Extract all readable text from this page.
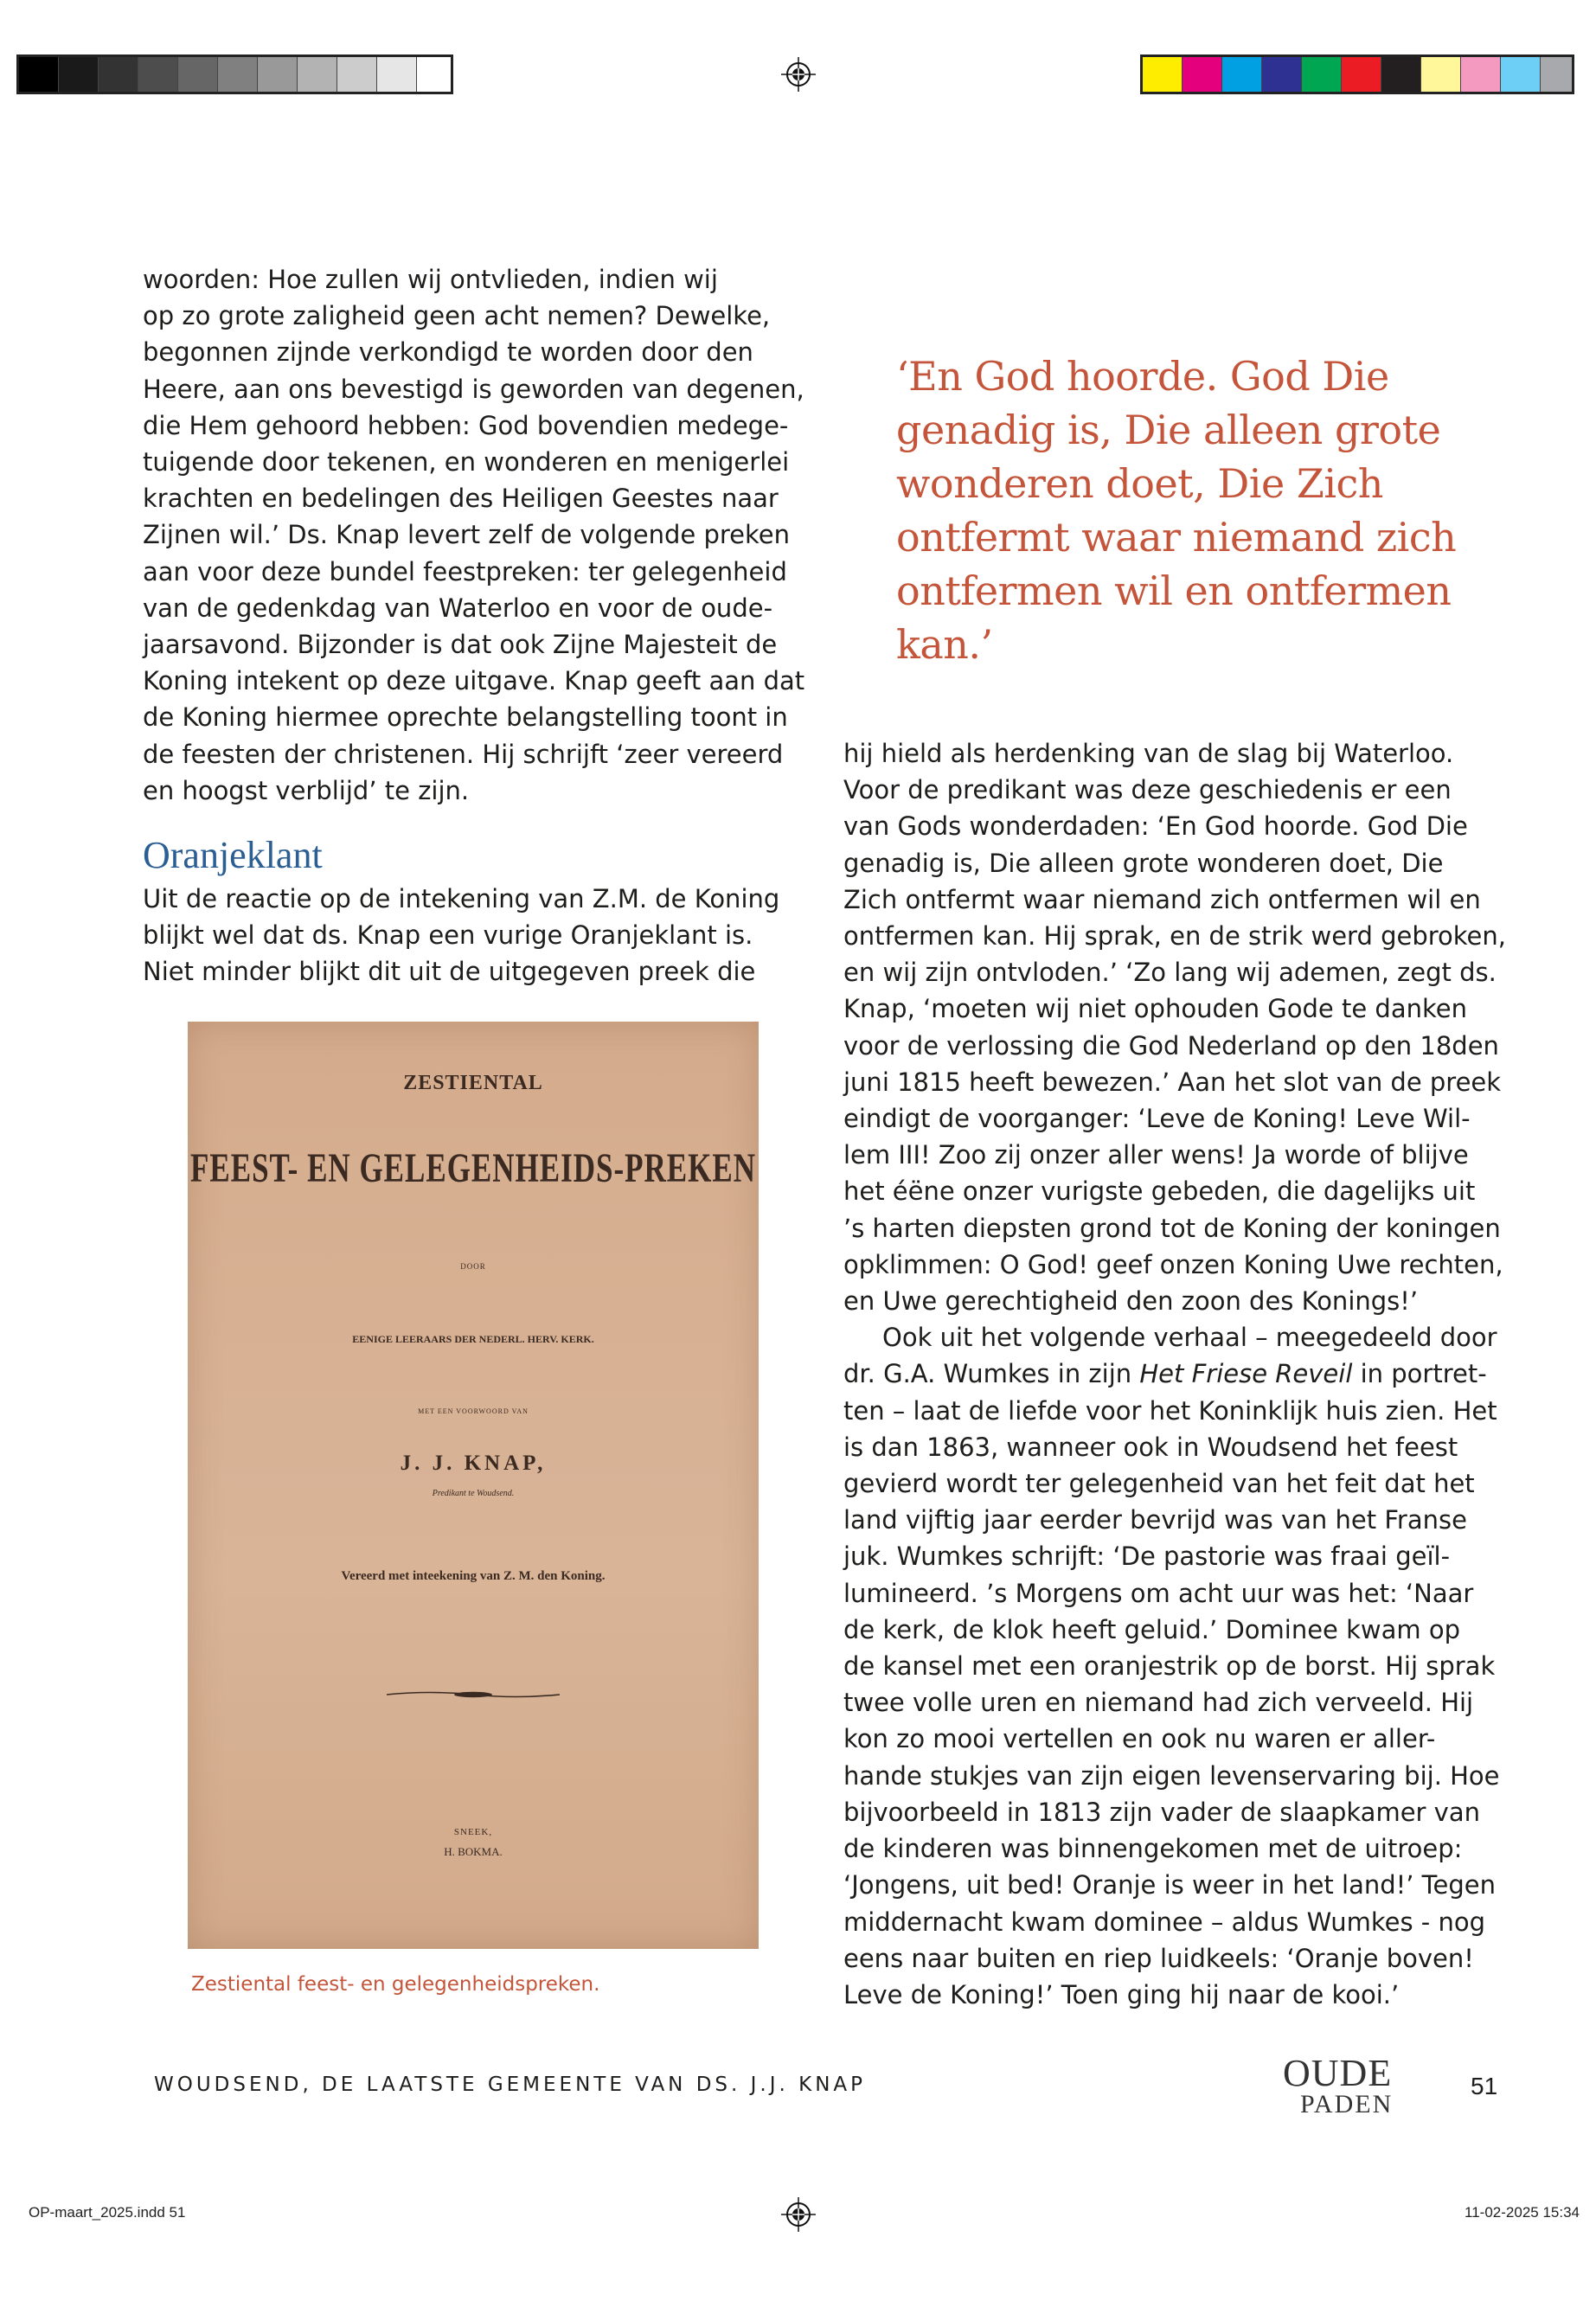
woorden: Hoe zullen wij ontvlieden, indien wij

op zo grote zaligheid geen acht nemen? Dewelke,

begonnen zijnde verkondigd te worden door den

Heere, aan ons bevestigd is geworden van degenen,

die Hem gehoord hebben: God bovendien medege-

tuigende door tekenen, en wonderen en menigerlei

krachten en bedelingen des Heiligen Geestes naar

Zijnen wil.’ Ds. Knap levert zelf de volgende preken

aan voor deze bundel feestpreken: ter gelegenheid

van de gedenkdag van Waterloo en voor de oude-

jaarsavond. Bijzonder is dat ook Zijne Majesteit de

Koning intekent op deze uitgave. Knap geeft aan dat

de Koning hiermee oprechte belangstelling toont in

de feesten der christenen. Hij schrijft ‘zeer vereerd

en hoogst verblijd’ te zijn.

‘En God hoorde. God Die genadig is, Die alleen grote wonderen doet, Die Zich ontfermt waar niemand zich ontfermen wil en ontfermen kan.’

Oranjeklant

Uit de reactie op de intekening van Z.M. de Koning

blijkt wel dat ds. Knap een vurige Oranjeklant is.

Niet minder blijkt dit uit de uitgegeven preek die

hij hield als herdenking van de slag bij Waterloo.

Voor de predikant was deze geschiedenis er een

van Gods wonderdaden: ‘En God hoorde. God Die

genadig is, Die alleen grote wonderen doet, Die

Zich ontfermt waar niemand zich ontfermen wil en

ontfermen kan. Hij sprak, en de strik werd gebroken,

en wij zijn ontvloden.’ ‘Zo lang wij ademen, zegt ds.

Knap, ‘moeten wij niet ophouden Gode te danken

voor de verlossing die God Nederland op den 18den

juni 1815 heeft bewezen.’ Aan het slot van de preek

eindigt de voorganger: ‘Leve de Koning! Leve Wil-

lem III! Zoo zij onzer aller wens! Ja worde of blijve

het éëne onzer vurigste gebeden, die dagelijks uit

’s harten diepsten grond tot de Koning der koningen

opklimmen: O God! geef onzen Koning Uwe rechten,

en Uwe gerechtigheid den zoon des Konings!’

Ook uit het volgende verhaal – meegedeeld door

dr. G.A. Wumkes in zijn Het Friese Reveil in portret-

ten – laat de liefde voor het Koninklijk huis zien. Het

is dan 1863, wanneer ook in Woudsend het feest

gevierd wordt ter gelegenheid van het feit dat het

land vijftig jaar eerder bevrijd was van het Franse

juk. Wumkes schrijft: ‘De pastorie was fraai geïl-

lumineerd. ’s Morgens om acht uur was het: ‘Naar

de kerk, de klok heeft geluid.’ Dominee kwam op

de kansel met een oranjestrik op de borst. Hij sprak

twee volle uren en niemand had zich verveeld. Hij

kon zo mooi vertellen en ook nu waren er aller-

hande stukjes van zijn eigen levenservaring bij. Hoe

bijvoorbeeld in 1813 zijn vader de slaapkamer van

de kinderen was binnengekomen met de uitroep:

‘Jongens, uit bed! Oranje is weer in het land!’ Tegen

middernacht kwam dominee – aldus Wumkes - nog

eens naar buiten en riep luidkeels: ‘Oranje boven!

Leve de Koning!’ Toen ging hij naar de kooi.’

ZESTIENTAL
FEEST- EN GELEGENHEIDS-PREKEN
DOOR
EENIGE LEERAARS DER NEDERL. HERV. KERK.
MET EEN VOORWOORD VAN
J. J. KNAP,
Predikant te Woudsend.
Vereerd met inteekening van Z. M. den Koning.
SNEEK,
H. BOKMA.

Zestiental feest- en gelegenheidspreken.

WOUDSEND, DE LAATSTE GEMEENTE VAN DS. J.J. KNAP	OUDE
PADEN

51

OP-maart_2025.indd 51	11-02-2025 15:34
